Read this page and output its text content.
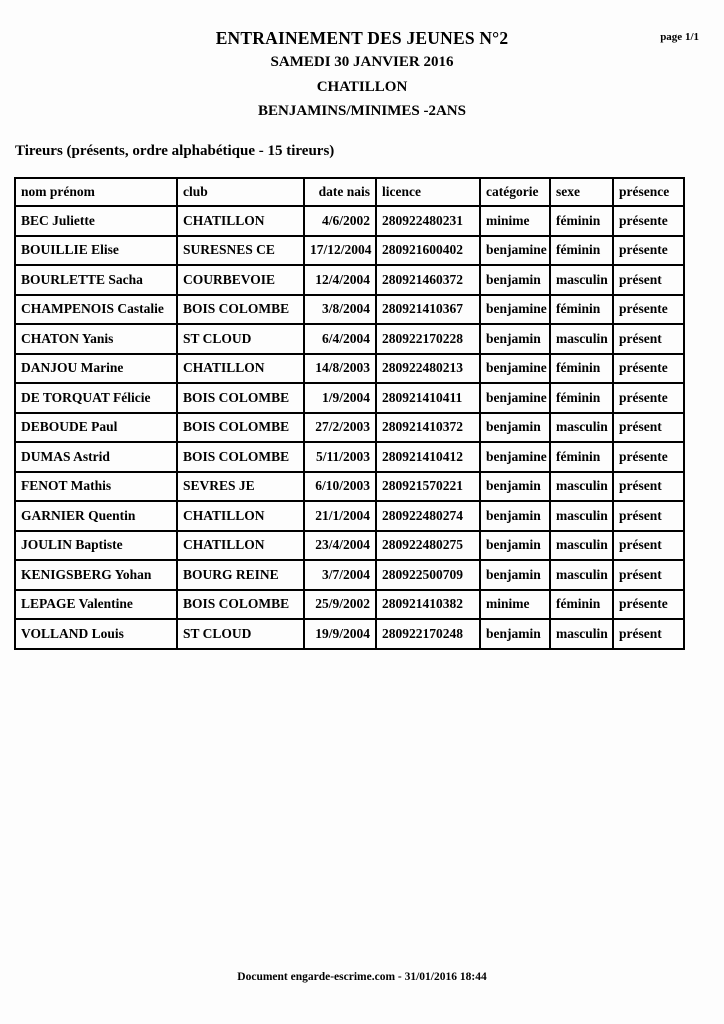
page 1/1
ENTRAINEMENT DES JEUNES N°2
SAMEDI 30 JANVIER 2016
CHATILLON
BENJAMINS/MINIMES -2ANS
Tireurs (présents, ordre alphabétique - 15 tireurs)
nom prénom	club	date nais	licence	catégorie	sexe	présence
BEC Juliette	CHATILLON	4/6/2002	280922480231	minime	féminin	présente
BOUILLIE Elise	SURESNES CE	17/12/2004	280921600402	benjamine	féminin	présente
BOURLETTE Sacha	COURBEVOIE	12/4/2004	280921460372	benjamin	masculin	présent
CHAMPENOIS Castalie	BOIS COLOMBE	3/8/2004	280921410367	benjamine	féminin	présente
CHATON Yanis	ST CLOUD	6/4/2004	280922170228	benjamin	masculin	présent
DANJOU Marine	CHATILLON	14/8/2003	280922480213	benjamine	féminin	présente
DE TORQUAT Félicie	BOIS COLOMBE	1/9/2004	280921410411	benjamine	féminin	présente
DEBOUDE Paul	BOIS COLOMBE	27/2/2003	280921410372	benjamin	masculin	présent
DUMAS Astrid	BOIS COLOMBE	5/11/2003	280921410412	benjamine	féminin	présente
FENOT Mathis	SEVRES JE	6/10/2003	280921570221	benjamin	masculin	présent
GARNIER Quentin	CHATILLON	21/1/2004	280922480274	benjamin	masculin	présent
JOULIN Baptiste	CHATILLON	23/4/2004	280922480275	benjamin	masculin	présent
KENIGSBERG Yohan	BOURG REINE	3/7/2004	280922500709	benjamin	masculin	présent
LEPAGE Valentine	BOIS COLOMBE	25/9/2002	280921410382	minime	féminin	présente
VOLLAND Louis	ST CLOUD	19/9/2004	280922170248	benjamin	masculin	présent
Document engarde-escrime.com - 31/01/2016 18:44
